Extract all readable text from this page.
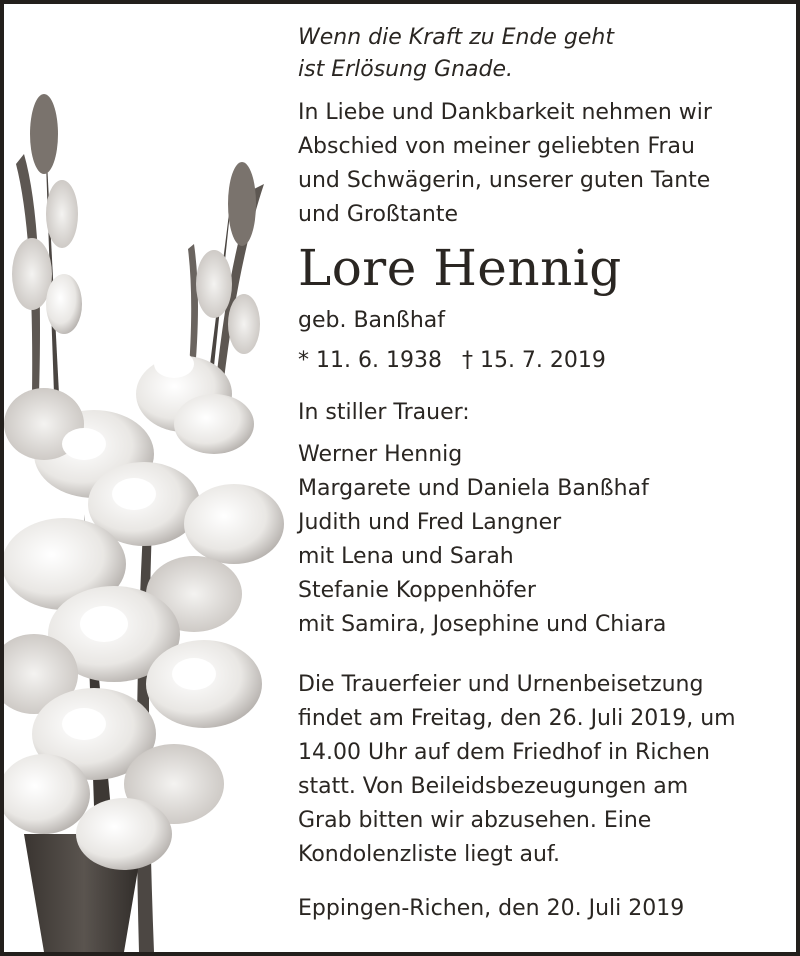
Wenn die Kraft zu Ende geht
ist Erlösung Gnade.
In Liebe und Dankbarkeit nehmen wir
Abschied von meiner geliebten Frau
und Schwägerin, unserer guten Tante
und Großtante
Lore Hennig
geb. Banßhaf
* 11. 6. 1938 † 15. 7. 2019
In stiller Trauer:
Werner Hennig
Margarete und Daniela Banßhaf
Judith und Fred Langner
mit Lena und Sarah
Stefanie Koppenhöfer
mit Samira, Josephine und Chiara
Die Trauerfeier und Urnenbeisetzung
findet am Freitag, den 26. Juli 2019, um
14.00 Uhr auf dem Friedhof in Richen
statt. Von Beileidsbezeugungen am
Grab bitten wir abzusehen. Eine
Kondolenzliste liegt auf.
Eppingen-Richen, den 20. Juli 2019
